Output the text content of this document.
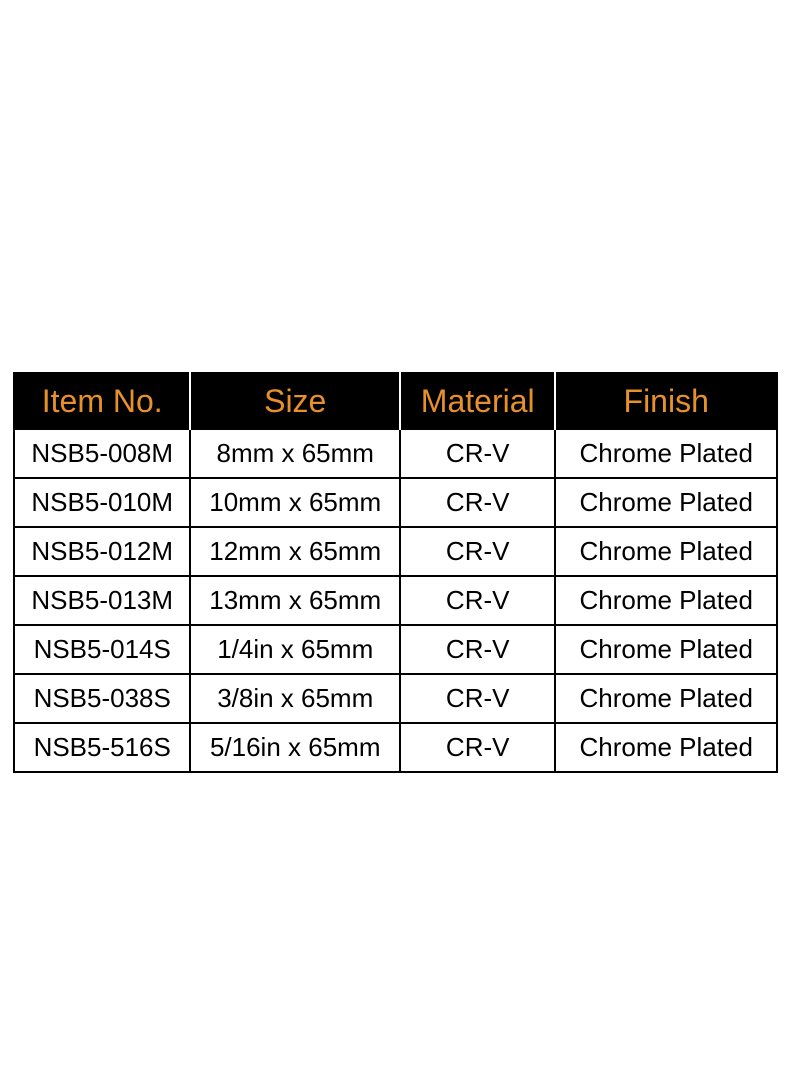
Item No.	Size	Material	Finish
NSB5-008M	8mm x 65mm	CR-V	Chrome Plated
NSB5-010M	10mm x 65mm	CR-V	Chrome Plated
NSB5-012M	12mm x 65mm	CR-V	Chrome Plated
NSB5-013M	13mm x 65mm	CR-V	Chrome Plated
NSB5-014S	1/4in x 65mm	CR-V	Chrome Plated
NSB5-038S	3/8in x 65mm	CR-V	Chrome Plated
NSB5-516S	5/16in x 65mm	CR-V	Chrome Plated
